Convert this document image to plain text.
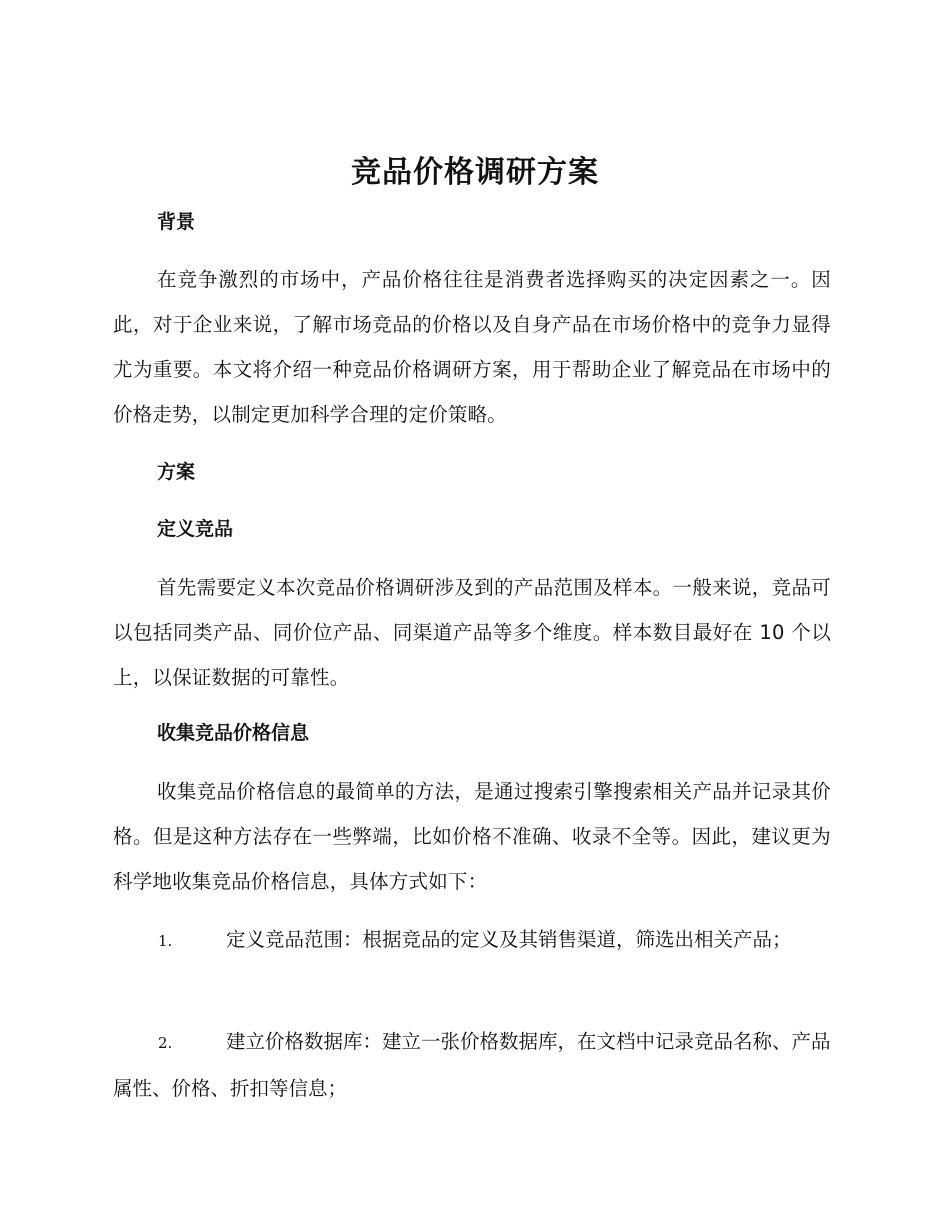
竞品价格调研方案
背景

在竞争激烈的市场中，产品价格往往是消费者选择购买的决定因素之一。因此，对于企业来说，了解市场竞品的价格以及自身产品在市场价格中的竞争力显得尤为重要。本文将介绍一种竞品价格调研方案，用于帮助企业了解竞品在市场中的价格走势，以制定更加科学合理的定价策略。

方案
定义竞品

首先需要定义本次竞品价格调研涉及到的产品范围及样本。一般来说，竞品可以包括同类产品、同价位产品、同渠道产品等多个维度。样本数目最好在 10 个以上，以保证数据的可靠性。

收集竞品价格信息

收集竞品价格信息的最简单的方法，是通过搜索引擎搜索相关产品并记录其价格。但是这种方法存在一些弊端，比如价格不准确、收录不全等。因此，建议更为科学地收集竞品价格信息，具体方式如下：

1.	定义竞品范围：根据竞品的定义及其销售渠道，筛选出相关产品；

2.	建立价格数据库：建立一张价格数据库，在文档中记录竞品名称、产品属性、价格、折扣等信息；
